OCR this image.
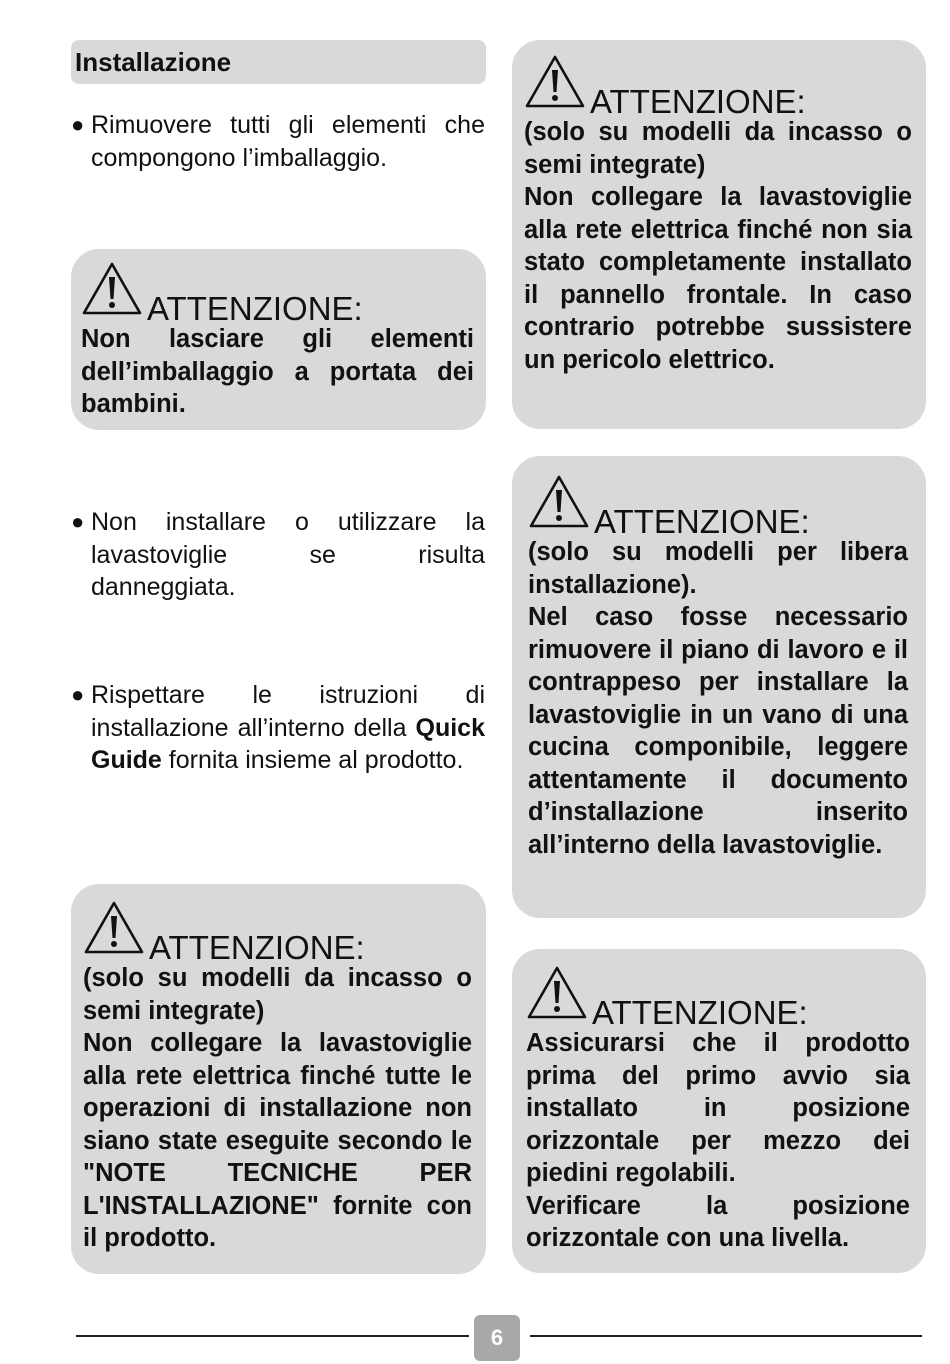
Installazione
● Rimuovere tutti gli elementi che compongono l’imballaggio.

ATTENZIONE:
Non lasciare gli elementi dell’imballaggio a portata dei bambini.
● Non installare o utilizzare la lavastoviglie se risulta danneggiata.

● Rispettare le istruzioni di installazione all’interno della Quick Guide fornita insieme al prodotto.

ATTENZIONE:
(solo su modelli da incasso o semi integrate)
Non collegare la lavastoviglie alla rete elettrica finché tutte le operazioni di installazione non siano state eseguite secondo le "NOTE TECNICHE PER L'INSTALLAZIONE" fornite con il prodotto.
ATTENZIONE:
(solo su modelli da incasso o semi integrate)
Non collegare la lavastoviglie alla rete elettrica finché non sia stato completamente installato il pannello frontale. In caso contrario potrebbe sussistere un pericolo elettrico.
ATTENZIONE:
(solo su modelli per libera installazione).
Nel caso fosse necessario rimuovere il piano di lavoro e il contrappeso per installare la lavastoviglie in un vano di una cucina componibile, leggere attentamente il documento d’installazione inserito all’interno della lavastoviglie.
ATTENZIONE:
Assicurarsi che il prodotto prima del primo avvio sia installato in posizione orizzontale per mezzo dei piedini regolabili.
Verificare la posizione orizzontale con una livella.
6
